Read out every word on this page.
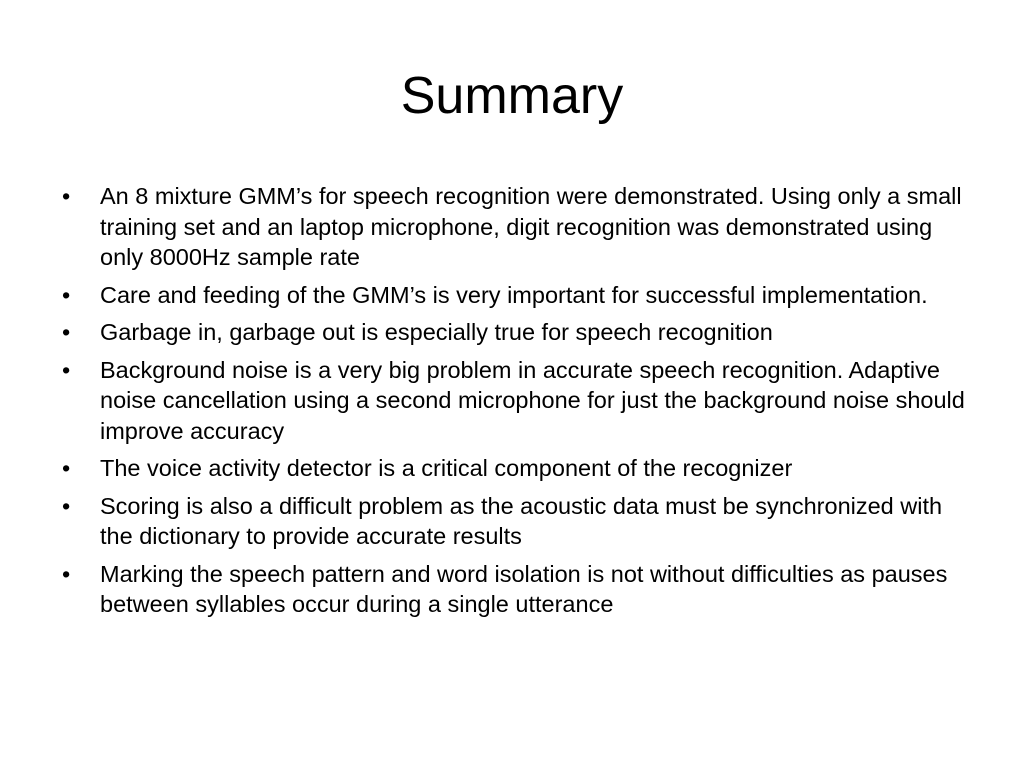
Summary
•	An 8 mixture GMM’s for speech recognition were demonstrated. Using only a small training set and an laptop microphone, digit recognition was demonstrated using only 8000Hz sample rate
•	Care and feeding of the GMM’s is very important for successful implementation.
•	Garbage in, garbage out is especially true for speech recognition
•	Background noise is a very big problem in accurate speech recognition. Adaptive noise cancellation using a second microphone for just the background noise should improve accuracy
•	The voice activity detector is a critical component of the recognizer
•	Scoring is also a difficult problem as the acoustic data must be synchronized with the dictionary to provide accurate results
•	Marking the speech pattern and word isolation is not without difficulties as pauses between syllables occur during a single utterance
